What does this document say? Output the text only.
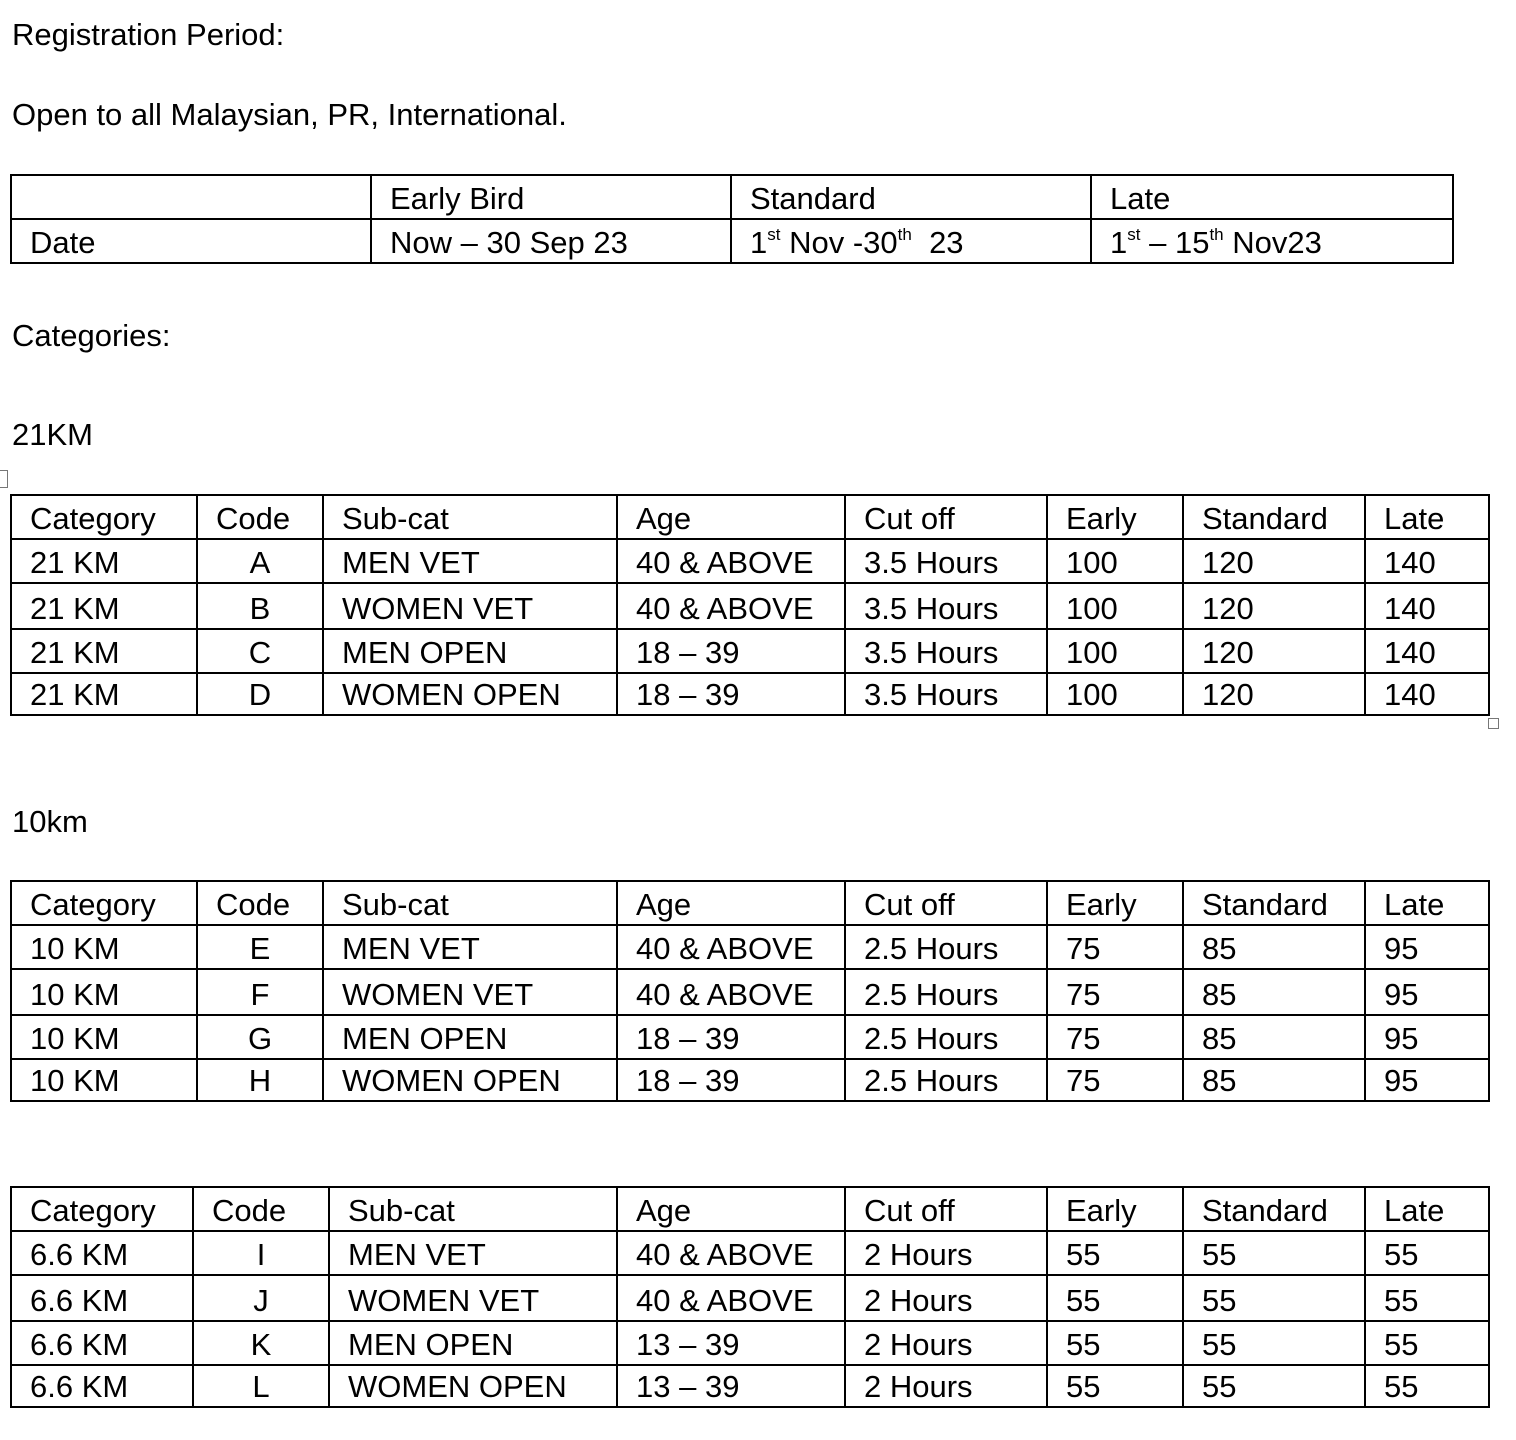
Registration Period:

Open to all Malaysian, PR, International.

	Early Bird	Standard	Late
Date	Now – 30 Sep 23	1st Nov -30th  23	1st – 15th Nov23

Categories:

21KM

Category	Code	Sub-cat	Age	Cut off	Early	Standard	Late
21 KM	A	MEN VET	40 & ABOVE	3.5 Hours	100	120	140
21 KM	B	WOMEN VET	40 & ABOVE	3.5 Hours	100	120	140
21 KM	C	MEN OPEN	18 – 39	3.5 Hours	100	120	140
21 KM	D	WOMEN OPEN	18 – 39	3.5 Hours	100	120	140

10km

Category	Code	Sub-cat	Age	Cut off	Early	Standard	Late
10 KM	E	MEN VET	40 & ABOVE	2.5 Hours	75	85	95
10 KM	F	WOMEN VET	40 & ABOVE	2.5 Hours	75	85	95
10 KM	G	MEN OPEN	18 – 39	2.5 Hours	75	85	95
10 KM	H	WOMEN OPEN	18 – 39	2.5 Hours	75	85	95
Category	Code	Sub-cat	Age	Cut off	Early	Standard	Late
6.6 KM	I	MEN VET	40 & ABOVE	2 Hours	55	55	55
6.6 KM	J	WOMEN VET	40 & ABOVE	2 Hours	55	55	55
6.6 KM	K	MEN OPEN	13 – 39	2 Hours	55	55	55
6.6 KM	L	WOMEN OPEN	13 – 39	2 Hours	55	55	55
